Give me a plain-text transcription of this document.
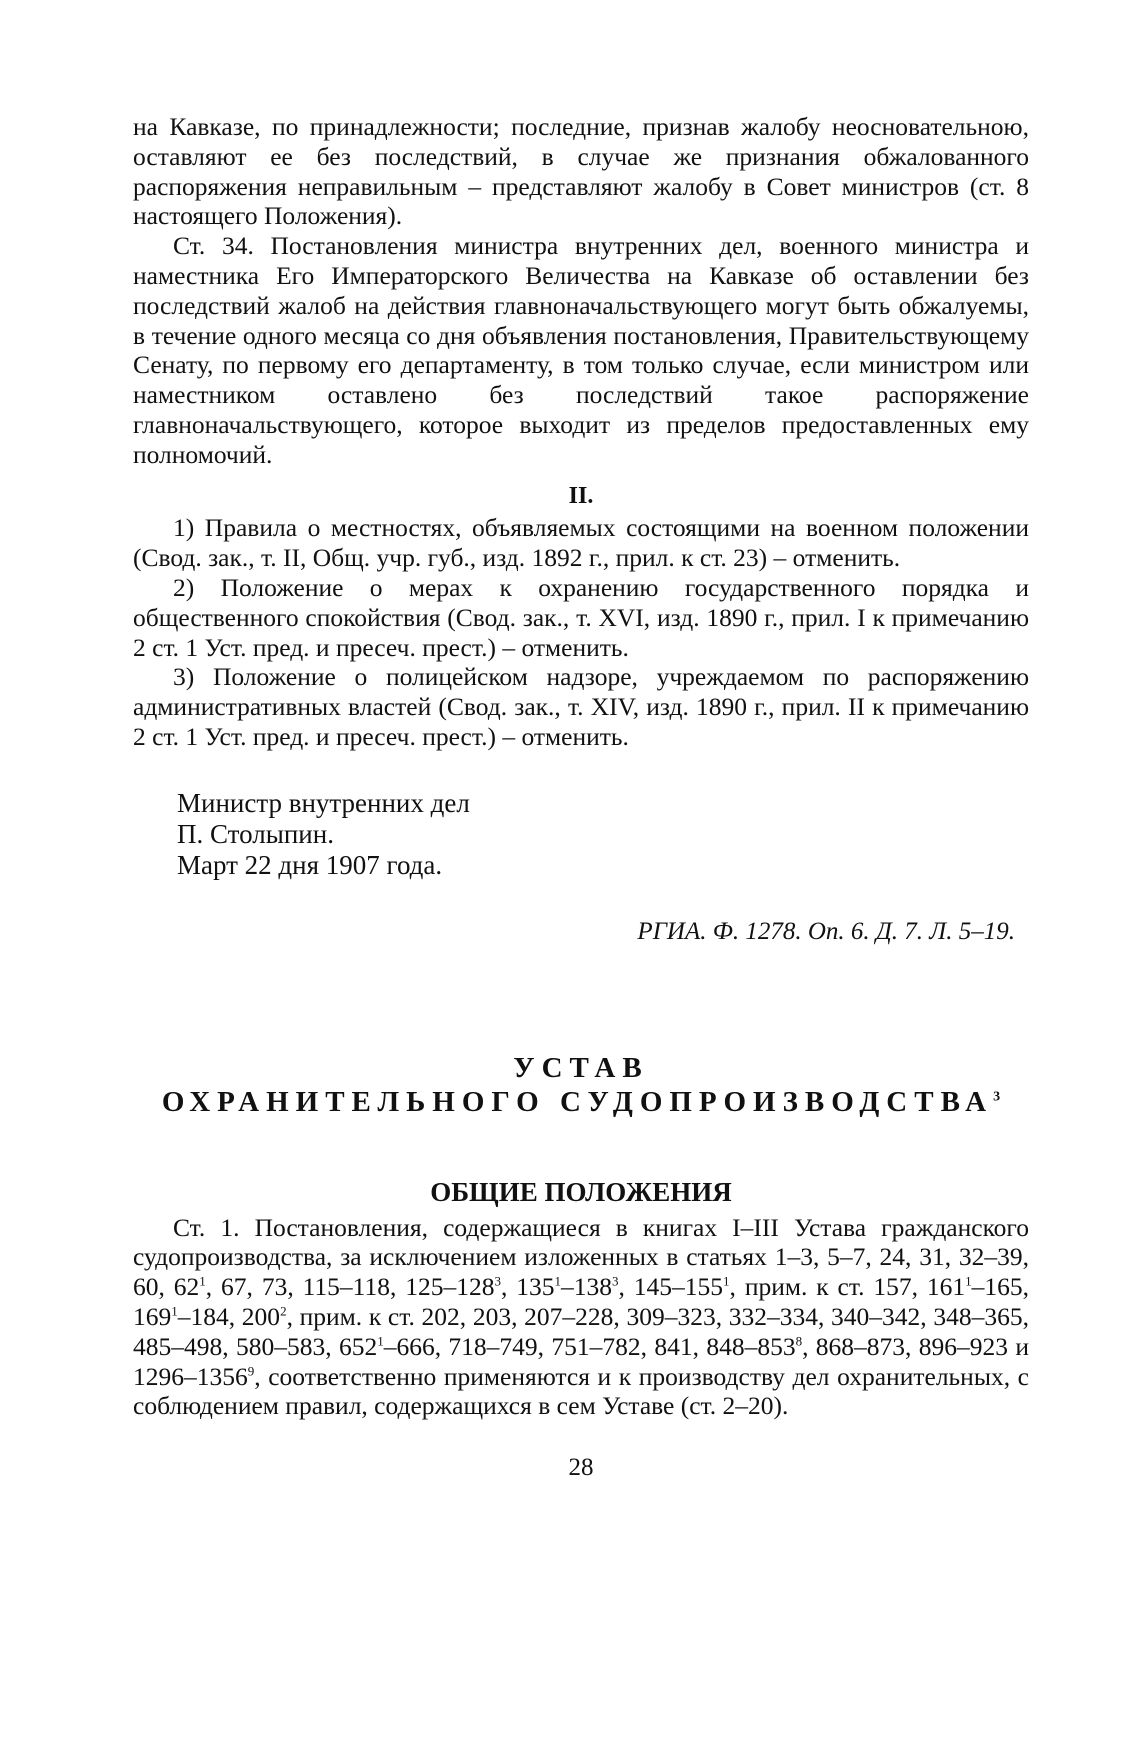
на Кавказе, по принадлежности; последние, признав жалобу неосновательною, оставляют ее без последствий, в случае же признания обжалованного распоряжения неправильным – представляют жалобу в Совет министров (ст. 8 настоящего Положения).

Ст. 34. Постановления министра внутренних дел, военного министра и наместника Его Императорского Величества на Кавказе об оставлении без последствий жалоб на действия главноначальствующего могут быть обжалуемы, в течение одного месяца со дня объявления постановления, Правительствующему Сенату, по первому его департаменту, в том только случае, если министром или наместником оставлено без последствий такое распоряжение главноначальствующего, которое выходит из пределов предоставленных ему полномочий.

II.

1) Правила о местностях, объявляемых состоящими на военном положении (Свод. зак., т. II, Общ. учр. губ., изд. 1892 г., прил. к ст. 23) – отменить.

2) Положение о мерах к охранению государственного порядка и общественного спокойствия (Свод. зак., т. XVI, изд. 1890 г., прил. I к примечанию 2 ст. 1 Уст. пред. и пресеч. прест.) – отменить.

3) Положение о полицейском надзоре, учреждаемом по распоряжению административных властей (Свод. зак., т. XIV, изд. 1890 г., прил. II к примечанию 2 ст. 1 Уст. пред. и пресеч. прест.) – отменить.

Министр внутренних дел

П. Столыпин.

Март 22 дня 1907 года.

РГИА. Ф. 1278. Оп. 6. Д. 7. Л. 5–19.

УСТАВ
ОХРАНИТЕЛЬНОГО СУДОПРОИЗВОДСТВА$^3$

ОБЩИЕ ПОЛОЖЕНИЯ

Ст. 1. Постановления, содержащиеся в книгах I–III Устава гражданского судопроизводства, за исключением изложенных в статьях 1–3, 5–7, 24, 31, 32–39, 60, $62^1$, 67, 73, 115–118, $125-128^3$, $135^1-138^3$, $145-155^1$, прим. к ст. 157, $161^1-165$, $169^1-184$, $200^2$, прим. к ст. 202, 203, 207–228, 309–323, 332–334, 340–342, 348–365, 485–498, 580–583, $652^1-666$, 718–749, 751–782, 841, $848-853^8$, 868–873, 896–923 и 1296–1356$^9$, соответственно применяются и к производству дел охранительных, с соблюдением правил, содержащихся в сем Уставе (ст. 2–20).

28
